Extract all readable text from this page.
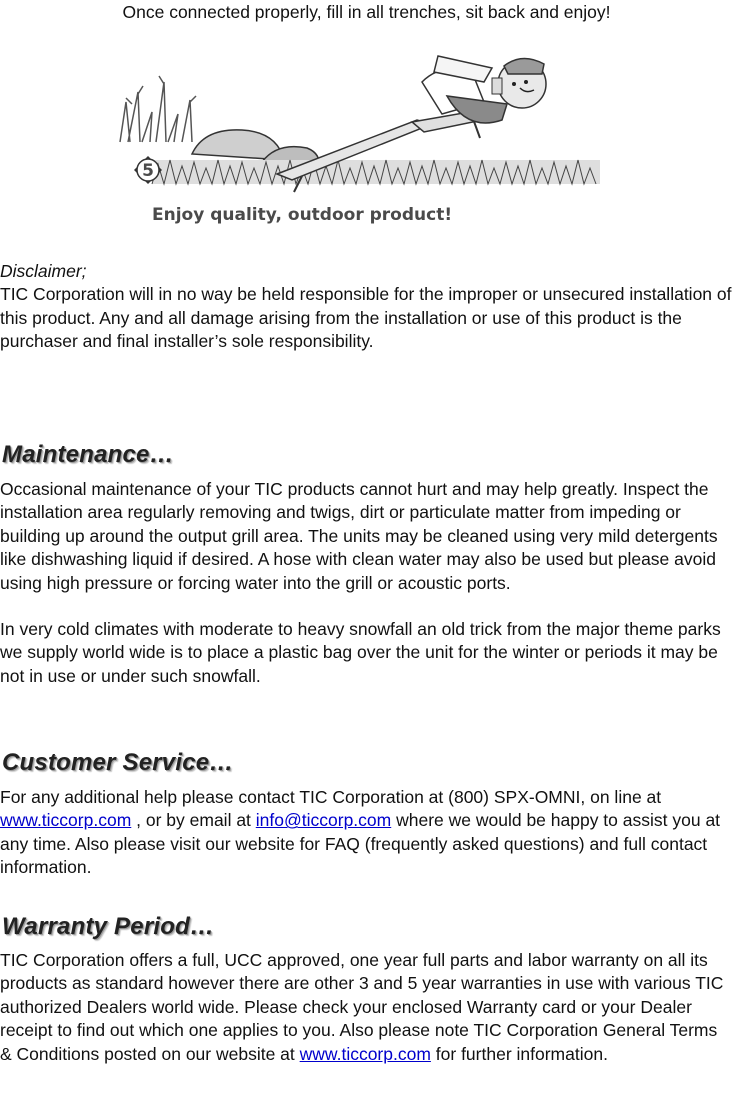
Once connected properly, fill in all trenches, sit back and enjoy!
5
Enjoy quality, outdoor product!
Disclaimer;

TIC Corporation will in no way be held responsible for the improper or unsecured installation of this product. Any and all damage arising from the installation or use of this product is the purchaser and final installer’s sole responsibility.

Maintenance…

Occasional maintenance of your TIC products cannot hurt and may help greatly. Inspect the installation area regularly removing and twigs, dirt or particulate matter from impeding or building up around the output grill area. The units may be cleaned using very mild detergents like dishwashing liquid if desired. A hose with clean water may also be used but please avoid using high pressure or forcing water into the grill or acoustic ports.

In very cold climates with moderate to heavy snowfall an old trick from the major theme parks we supply world wide is to place a plastic bag over the unit for the winter or periods it may be not in use or under such snowfall.

Customer Service…

For any additional help please contact TIC Corporation at (800) SPX-OMNI, on line at www.ticcorp.com , or by email at info@ticcorp.com where we would be happy to assist you at any time. Also please visit our website for FAQ (frequently asked questions) and full contact information.

Warranty Period…

TIC Corporation offers a full, UCC approved, one year full parts and labor warranty on all its products as standard however there are other 3 and 5 year warranties in use with various TIC authorized Dealers world wide. Please check your enclosed Warranty card or your Dealer receipt to find out which one applies to you. Also please note TIC Corporation General Terms & Conditions posted on our website at www.ticcorp.com for further information.
